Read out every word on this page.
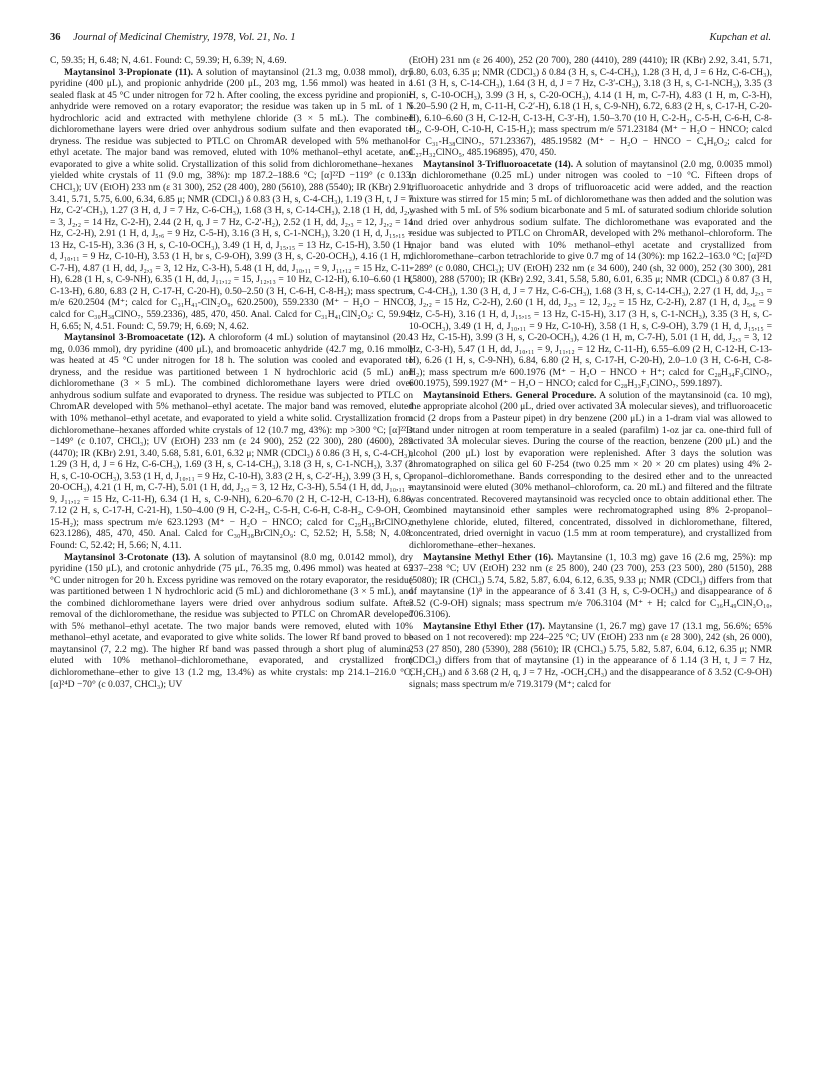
36 Journal of Medicinal Chemistry, 1978, Vol. 21, No. 1	Kupchan et al.

C, 59.35; H, 6.48; N, 4.61. Found: C, 59.39; H, 6.39; N, 4.69.

Maytansinol 3-Propionate (11). A solution of maytansinol (21.3 mg, 0.038 mmol), dry pyridine (400 μL), and propionic anhydride (200 μL, 203 mg, 1.56 mmol) was heated in a sealed flask at 45 °C under nitrogen for 72 h. After cooling, the excess pyridine and propionic anhydride were removed on a rotary evaporator; the residue was taken up in 5 mL of 1 N hydrochloric acid and extracted with methylene chloride (3 × 5 mL). The combined dichloromethane layers were dried over anhydrous sodium sulfate and then evaporated to dryness. The residue was subjected to PTLC on ChromAR developed with 5% methanol–ethyl acetate. The major band was removed, eluted with 10% methanol–ethyl acetate, and evaporated to give a white solid. Crystallization of this solid from dichloromethane–hexanes yielded white crystals of 11 (9.0 mg, 38%): mp 187.2–188.6 °C; [α]²²D −119° (c 0.133, CHCl₃); UV (EtOH) 233 nm (ε 31 300), 252 (28 400), 280 (5610), 288 (5540); IR (KBr) 2.91, 3.41, 5.71, 5.75, 6.00, 6.34, 6.85 μ; NMR (CDCl₃) δ 0.83 (3 H, s, C-4-CH₃), 1.19 (3 H, t, J = 7 Hz, C-2′-CH₃), 1.27 (3 H, d, J = 7 Hz, C-6-CH₃), 1.68 (3 H, s, C-14-CH₃), 2.18 (1 H, dd, J₂,₃ = 3, J₂,₂ = 14 Hz, C-2-H), 2.44 (2 H, q, J = 7 Hz, C-2′-H₂), 2.52 (1 H, dd, J₂,₃ = 12, J₂,₂ = 14 Hz, C-2-H), 2.91 (1 H, d, J₅,₆ = 9 Hz, C-5-H), 3.16 (3 H, s, C-1-NCH₃), 3.20 (1 H, d, J₁₅,₁₅ = 13 Hz, C-15-H), 3.36 (3 H, s, C-10-OCH₃), 3.49 (1 H, d, J₁₅,₁₅ = 13 Hz, C-15-H), 3.50 (1 H, d, J₁₀,₁₁ = 9 Hz, C-10-H), 3.53 (1 H, br s, C-9-OH), 3.99 (3 H, s, C-20-OCH₃), 4.16 (1 H, m, C-7-H), 4.87 (1 H, dd, J₂,₃ = 3, 12 Hz, C-3-H), 5.48 (1 H, dd, J₁₀,₁₁ = 9, J₁₁,₁₂ = 15 Hz, C-11-H), 6.28 (1 H, s, C-9-NH), 6.35 (1 H, dd, J₁₁,₁₂ = 15, J₁₂,₁₃ = 10 Hz, C-12-H), 6.10–6.60 (1 H, C-13-H), 6.80, 6.83 (2 H, C-17-H, C-20-H), 0.50–2.50 (3 H, C-6-H, C-8-H₂); mass spectrum m/e 620.2504 (M⁺; calcd for C₃₁H₄₁-ClN₂O₉, 620.2500), 559.2330 (M⁺ − H₂O − HNCO; calcd for C₃₀H₃₈ClNO₇, 559.2336), 485, 470, 450. Anal. Calcd for C₃₁H₄₁ClN₂O₉: C, 59.94; H, 6.65; N, 4.51. Found: C, 59.79; H, 6.69; N, 4.62.

Maytansinol 3-Bromoacetate (12). A chloroform (4 mL) solution of maytansinol (20.4 mg, 0.036 mmol), dry pyridine (400 μL), and bromoacetic anhydride (42.7 mg, 0.16 mmol) was heated at 45 °C under nitrogen for 18 h. The solution was cooled and evaporated to dryness, and the residue was partitioned between 1 N hydrochloric acid (5 mL) and dichloromethane (3 × 5 mL). The combined dichloromethane layers were dried over anhydrous sodium sulfate and evaporated to dryness. The residue was subjected to PTLC on ChromAR developed with 5% methanol–ethyl acetate. The major band was removed, eluted with 10% methanol–ethyl acetate, and evaporated to yield a white solid. Crystallization from dichloromethane–hexanes afforded white crystals of 12 (10.7 mg, 43%): mp >300 °C; [α]²²D −149° (c 0.107, CHCl₃); UV (EtOH) 233 nm (ε 24 900), 252 (22 300), 280 (4600), 289 (4470); IR (KBr) 2.91, 3.40, 5.68, 5.81, 6.01, 6.32 μ; NMR (CDCl₃) δ 0.86 (3 H, s, C-4-CH₃), 1.29 (3 H, d, J = 6 Hz, C-6-CH₃), 1.69 (3 H, s, C-14-CH₃), 3.18 (3 H, s, C-1-NCH₃), 3.37 (3 H, s, C-10-OCH₃), 3.53 (1 H, d, J₁₀,₁₁ = 9 Hz, C-10-H), 3.83 (2 H, s, C-2′-H₂), 3.99 (3 H, s, C-20-OCH₃), 4.21 (1 H, m, C-7-H), 5.01 (1 H, dd, J₂,₃ = 3, 12 Hz, C-3-H), 5.54 (1 H, dd, J₁₀,₁₁ = 9, J₁₁,₁₂ = 15 Hz, C-11-H), 6.34 (1 H, s, C-9-NH), 6.20–6.70 (2 H, C-12-H, C-13-H), 6.86, 7.12 (2 H, s, C-17-H, C-21-H), 1.50–4.00 (9 H, C-2-H₂, C-5-H, C-6-H, C-8-H₂, C-9-OH, C-15-H₂); mass spectrum m/e 623.1293 (M⁺ − H₂O − HNCO; calcd for C₂₉H₃₅BrClNO₇, 623.1286), 485, 470, 450. Anal. Calcd for C₃₀H₃₈BrClN₂O₉: C, 52.52; H, 5.58; N, 4.08. Found: C, 52.42; H, 5.66; N, 4.11.

Maytansinol 3-Crotonate (13). A solution of maytansinol (8.0 mg, 0.0142 mmol), dry pyridine (150 μL), and crotonic anhydride (75 μL, 76.35 mg, 0.496 mmol) was heated at 65 °C under nitrogen for 20 h. Excess pyridine was removed on the rotary evaporator, the residue was partitioned between 1 N hydrochloric acid (5 mL) and dichloromethane (3 × 5 mL), and the combined dichloromethane layers were dried over anhydrous sodium sulfate. After removal of the dichloromethane, the residue was subjected to PTLC on ChromAR developed with 5% methanol–ethyl acetate. The two major bands were removed, eluted with 10% methanol–ethyl acetate, and evaporated to give white solids. The lower Rf band proved to be maytansinol (7, 2.2 mg). The higher Rf band was passed through a short plug of alumina, eluted with 10% methanol–dichloromethane, evaporated, and crystallized from dichloromethane–ether to give 13 (1.2 mg, 13.4%) as white crystals: mp 214.1–216.0 °C; [α]²⁴D −70° (c 0.037, CHCl₃); UV

(EtOH) 231 nm (ε 26 400), 252 (20 700), 280 (4410), 289 (4410); IR (KBr) 2.92, 3.41, 5.71, 5.80, 6.03, 6.35 μ; NMR (CDCl₃) δ 0.84 (3 H, s, C-4-CH₃), 1.28 (3 H, d, J = 6 Hz, C-6-CH₃), 1.61 (3 H, s, C-14-CH₃), 1.64 (3 H, d, J = 7 Hz, C-3′-CH₃), 3.18 (3 H, s, C-1-NCH₃), 3.35 (3 H, s, C-10-OCH₃), 3.99 (3 H, s, C-20-OCH₃), 4.14 (1 H, m, C-7-H), 4.83 (1 H, m, C-3-H), 5.20–5.90 (2 H, m, C-11-H, C-2′-H), 6.18 (1 H, s, C-9-NH), 6.72, 6.83 (2 H, s, C-17-H, C-20-H), 6.10–6.60 (3 H, C-12-H, C-13-H, C-3′-H), 1.50–3.70 (10 H, C-2-H₂, C-5-H, C-6-H, C-8-H₂, C-9-OH, C-10-H, C-15-H₂); mass spectrum m/e 571.23184 (M⁺ − H₂O − HNCO; calcd for C₃₁-H₃₈ClNO₇, 571.23367), 485.19582 (M⁺ − H₂O − HNCO − C₄H₆O₂; calcd for C₂₇H₃₂ClNO₅, 485.196895), 470, 450.

Maytansinol 3-Trifluoroacetate (14). A solution of maytansinol (2.0 mg, 0.0035 mmol) in dichloromethane (0.25 mL) under nitrogen was cooled to −10 °C. Fifteen drops of trifluoroacetic anhydride and 3 drops of trifluoroacetic acid were added, and the reaction mixture was stirred for 15 min; 5 mL of dichloromethane was then added and the solution was washed with 5 mL of 5% sodium bicarbonate and 5 mL of saturated sodium chloride solution and dried over anhydrous sodium sulfate. The dichloromethane was evaporated and the residue was subjected to PTLC on ChromAR, developed with 2% methanol–chloroform. The major band was eluted with 10% methanol–ethyl acetate and crystallized from dichloromethane–carbon tetrachloride to give 0.7 mg of 14 (30%): mp 162.2–163.0 °C; [α]²²D −289° (c 0.080, CHCl₃); UV (EtOH) 232 nm (ε 34 600), 240 (sh, 32 000), 252 (30 300), 281 (5800), 288 (5700); IR (KBr) 2.92, 3.41, 5.58, 5.80, 6.01, 6.35 μ; NMR (CDCl₃) δ 0.87 (3 H, s, C-4-CH₃), 1.30 (3 H, d, J = 7 Hz, C-6-CH₃), 1.68 (3 H, s, C-14-CH₃), 2.27 (1 H, dd, J₂,₃ = 3, J₂,₂ = 15 Hz, C-2-H), 2.60 (1 H, dd, J₂,₃ = 12, J₂,₂ = 15 Hz, C-2-H), 2.87 (1 H, d, J₅,₆ = 9 Hz, C-5-H), 3.16 (1 H, d, J₁₅,₁₅ = 13 Hz, C-15-H), 3.17 (3 H, s, C-1-NCH₃), 3.35 (3 H, s, C-10-OCH₃), 3.49 (1 H, d, J₁₀,₁₁ = 9 Hz, C-10-H), 3.58 (1 H, s, C-9-OH), 3.79 (1 H, d, J₁₅,₁₅ = 13 Hz, C-15-H), 3.99 (3 H, s, C-20-OCH₃), 4.26 (1 H, m, C-7-H), 5.01 (1 H, dd, J₂,₃ = 3, 12 Hz, C-3-H), 5.47 (1 H, dd, J₁₀,₁₁ = 9, J₁₁,₁₂ = 12 Hz, C-11-H), 6.55–6.09 (2 H, C-12-H, C-13-H), 6.26 (1 H, s, C-9-NH), 6.84, 6.80 (2 H, s, C-17-H, C-20-H), 2.0–1.0 (3 H, C-6-H, C-8-H₂); mass spectrum m/e 600.1976 (M⁺ − H₂O − HNCO + H⁺; calcd for C₂₈H₃₄F₃ClNO₇, 600.1975), 599.1927 (M⁺ − H₂O − HNCO; calcd for C₂₈H₃₃F₃ClNO₇, 599.1897).

Maytansinoid Ethers. General Procedure. A solution of the maytansinoid (ca. 10 mg), the appropriate alcohol (200 μL, dried over activated 3Å molecular sieves), and trifluoroacetic acid (2 drops from a Pasteur pipet) in dry benzene (200 μL) in a 1-dram vial was allowed to stand under nitrogen at room temperature in a sealed (parafilm) 1-oz jar ca. one-third full of activated 3Å molecular sieves. During the course of the reaction, benzene (200 μL) and the alcohol (200 μL) lost by evaporation were replenished. After 3 days the solution was chromatographed on silica gel 60 F-254 (two 0.25 mm × 20 × 20 cm plates) using 4% 2-propanol–dichloromethane. Bands corresponding to the desired ether and to the unreacted maytansinoid were eluted (30% methanol–chloroform, ca. 20 mL) and filtered and the filtrate was concentrated. Recovered maytansinoid was recycled once to obtain additional ether. The combined maytansinoid ether samples were rechromatographed using 8% 2-propanol–methylene chloride, eluted, filtered, concentrated, dissolved in dichloromethane, filtered, concentrated, dried overnight in vacuo (1.5 mm at room temperature), and crystallized from dichloromethane–ether–hexanes.

Maytansine Methyl Ether (16). Maytansine (1, 10.3 mg) gave 16 (2.6 mg, 25%): mp 237–238 °C; UV (EtOH) 232 nm (ε 25 800), 240 (23 700), 253 (23 500), 280 (5150), 288 (5080); IR (CHCl₃) 5.74, 5.82, 5.87, 6.04, 6.12, 6.35, 9.33 μ; NMR (CDCl₃) differs from that of maytansine (1)⁸ in the appearance of δ 3.41 (3 H, s, C-9-OCH₃) and disappearance of δ 3.52 (C-9-OH) signals; mass spectrum m/e 706.3104 (M⁺ + H; calcd for C₃₆H₄₉ClN₃O₁₀, 706.3106).

Maytansine Ethyl Ether (17). Maytansine (1, 26.7 mg) gave 17 (13.1 mg, 56.6%; 65% based on 1 not recovered): mp 224–225 °C; UV (EtOH) 233 nm (ε 28 300), 242 (sh, 26 000), 253 (27 850), 280 (5390), 288 (5610); IR (CHCl₃) 5.75, 5.82, 5.87, 6.04, 6.12, 6.35 μ; NMR (CDCl₃) differs from that of maytansine (1) in the appearance of δ 1.14 (3 H, t, J = 7 Hz, CH₂CH₃) and δ 3.68 (2 H, q, J = 7 Hz, -OCH₂CH₃) and the disappearance of δ 3.52 (C-9-OH) signals; mass spectrum m/e 719.3179 (M⁺; calcd for
